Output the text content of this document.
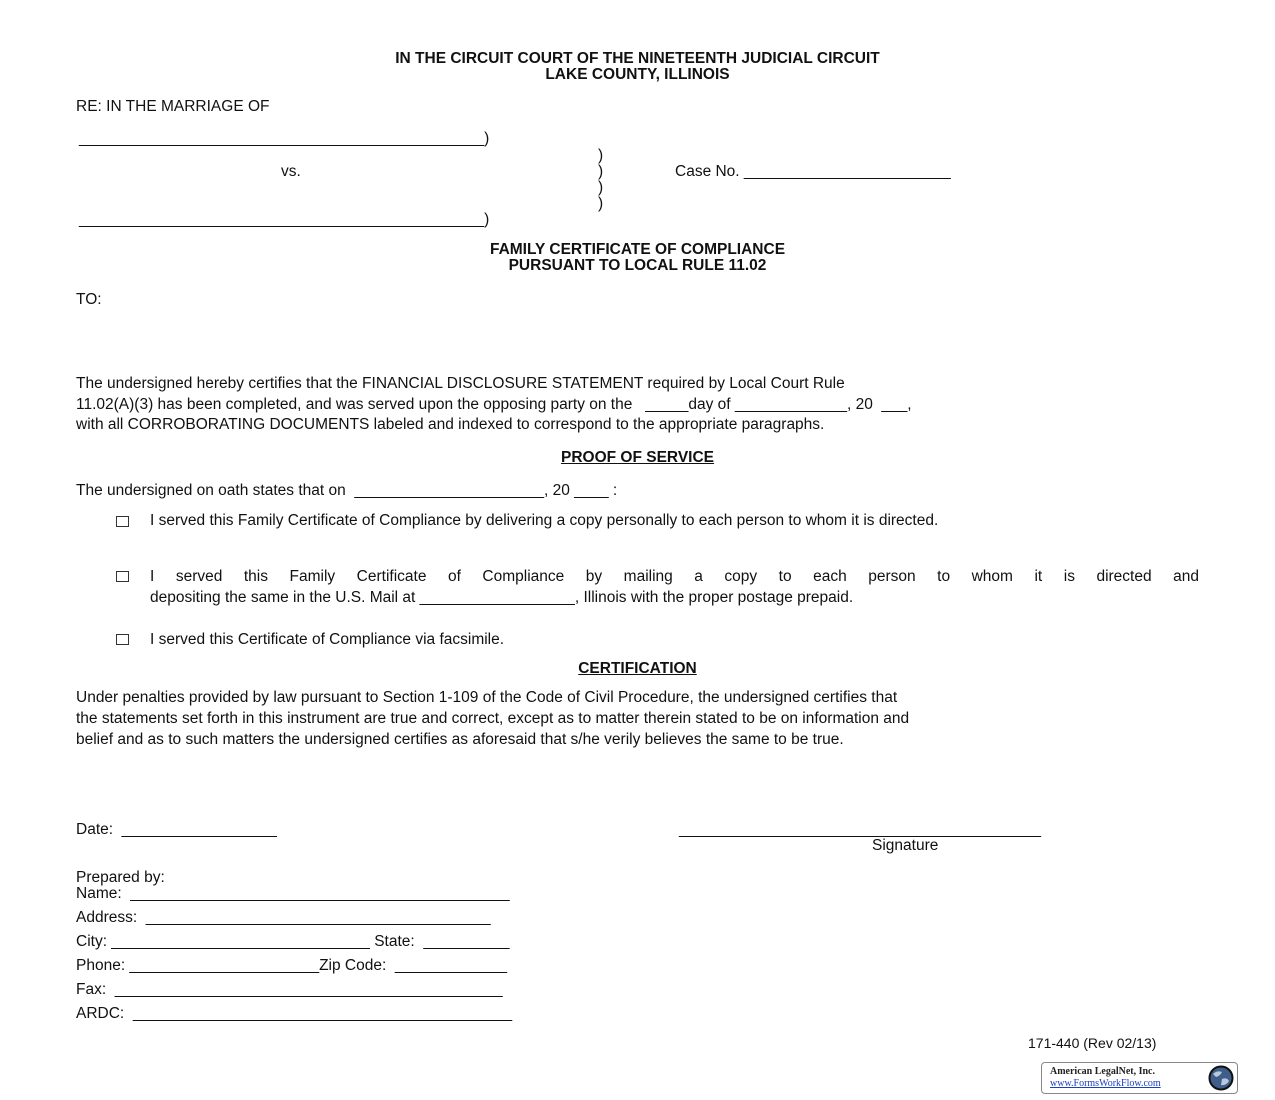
IN THE CIRCUIT COURT OF THE NINETEENTH JUDICIAL CIRCUIT
LAKE COUNTY, ILLINOIS
RE: IN THE MARRIAGE OF
_______________________________________________)
)
vs.	)	Case No. ________________________
)
)
_______________________________________________)
FAMILY CERTIFICATE OF COMPLIANCE
PURSUANT TO LOCAL RULE 11.02
TO:
The undersigned hereby certifies that the FINANCIAL DISCLOSURE STATEMENT required by Local Court Rule
11.02(A)(3) has been completed, and was served upon the opposing party on the   _____day of _____________, 20  ___,
with all CORROBORATING DOCUMENTS labeled and indexed to correspond to the appropriate paragraphs.
PROOF OF SERVICE
The undersigned on oath states that on  ______________________, 20 ____ :
I served this Family Certificate of Compliance by delivering a copy personally to each person to whom it is directed.
I served this Family Certificate of Compliance by mailing a copy to each person to whom it is directed and
depositing the same in the U.S. Mail at __________________, Illinois with the proper postage prepaid.
I served this Certificate of Compliance via facsimile.
CERTIFICATION
Under penalties provided by law pursuant to Section 1-109 of the Code of Civil Procedure, the undersigned certifies that
the statements set forth in this instrument are true and correct, except as to matter therein stated to be on information and
belief and as to such matters the undersigned certifies as aforesaid that s/he verily believes the same to be true.
Date:  __________________	__________________________________________
Signature
Prepared by:
Name:  ____________________________________________
Address:  ________________________________________
City: ______________________________ State:  __________
Phone: ______________________Zip Code:  _____________
Fax:  _____________________________________________
ARDC:  ____________________________________________
171-440 (Rev 02/13)
American LegalNet, Inc.
www.FormsWorkFlow.com
